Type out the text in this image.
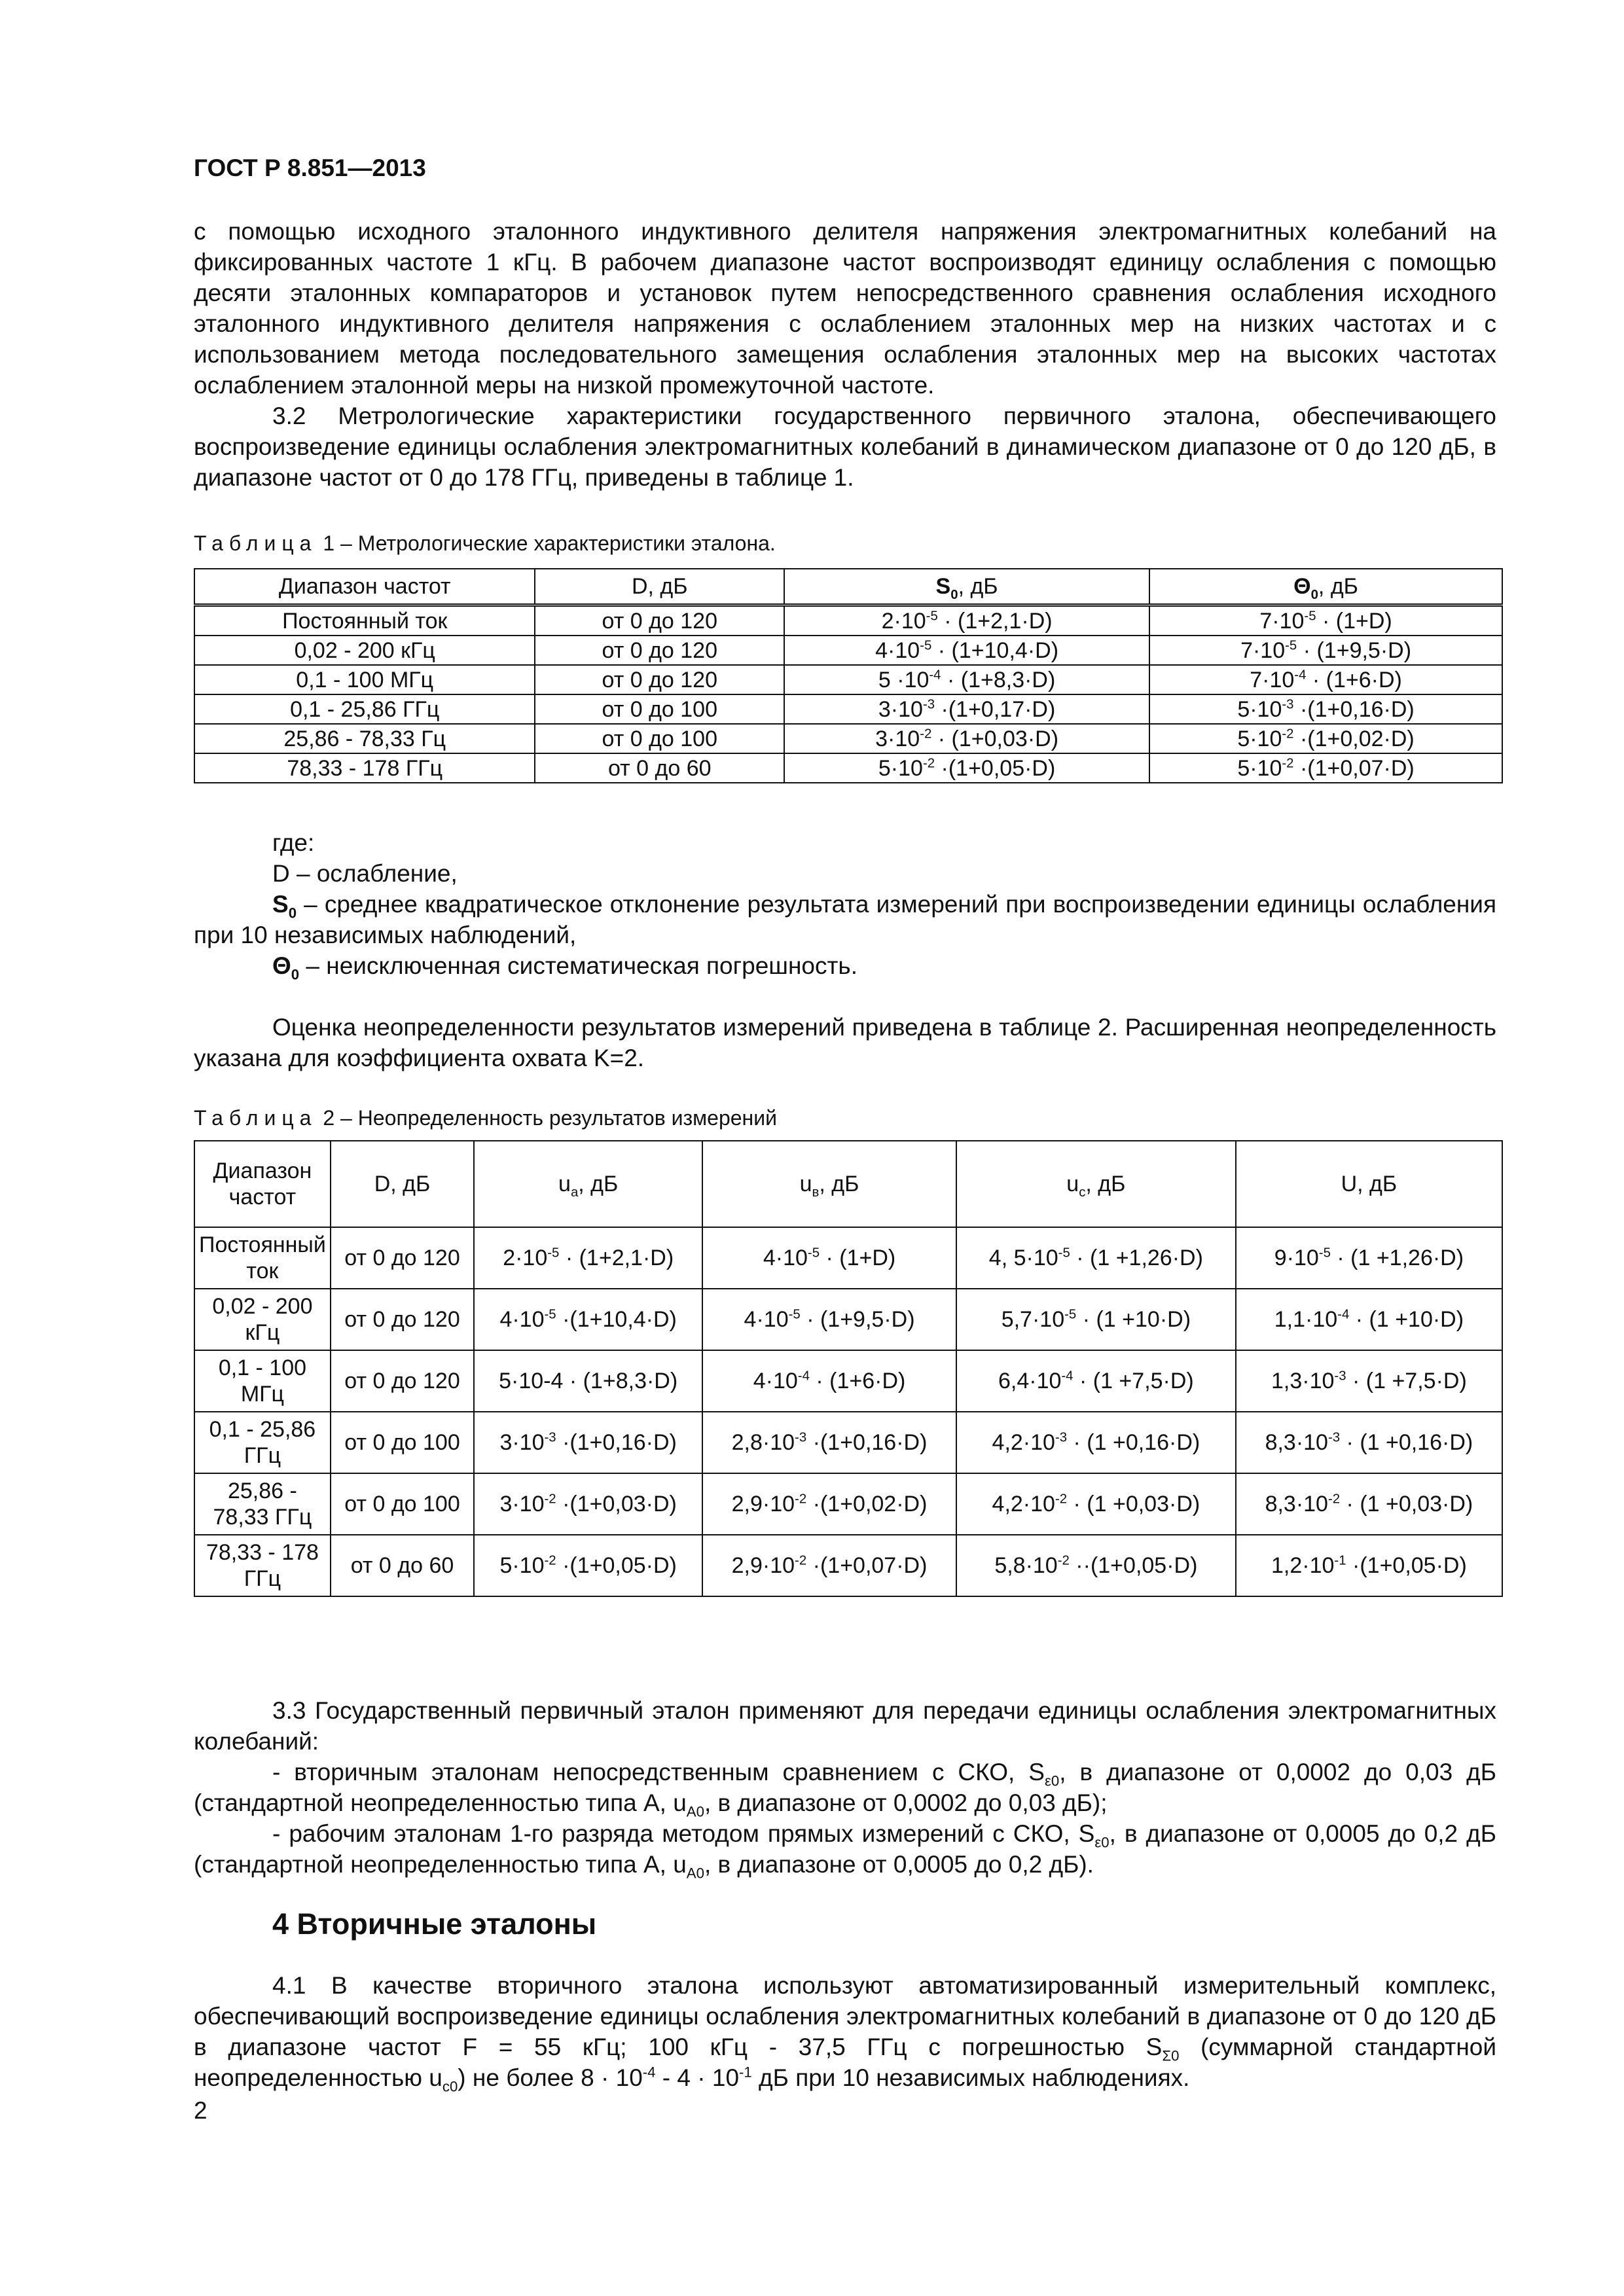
ГОСТ Р 8.851—2013

с помощью исходного эталонного индуктивного делителя напряжения электромагнитных колебаний на фиксированных частоте 1 кГц. В рабочем диапазоне частот воспроизводят единицу ослабления с помощью десяти эталонных компараторов и установок путем непосредственного сравнения ослабления исходного эталонного индуктивного делителя напряжения с ослаблением эталонных мер на низких частотах и с использованием метода последовательного замещения ослабления эталонных мер на высоких частотах ослаблением эталонной меры на низкой промежуточной частоте.

3.2 Метрологические характеристики государственного первичного эталона, обеспечивающего воспроизведение единицы ослабления электромагнитных колебаний в динамическом диапазоне от 0 до 120 дБ, в диапазоне частот от 0 до 178 ГГц, приведены в таблице 1.

Таблица 1 – Метрологические характеристики эталона.
Диапазон частот	D, дБ	$S_0$, дБ	$\Theta_0$, дБ
Постоянный ток	от 0 до 120	$2\cdot 10^{-5} \cdot (1+2,1\cdot D)$	$7\cdot 10^{-5} \cdot (1+D)$
0,02 - 200 кГц	от 0 до 120	$4\cdot 10^{-5} \cdot (1+10,4\cdot D)$	$7\cdot 10^{-5} \cdot (1+9,5\cdot D)$
0,1 - 100 МГц	от 0 до 120	$5 \cdot 10^{-4} \cdot (1+8,3\cdot D)$	$7\cdot 10^{-4} \cdot (1+6\cdot D)$
0,1 - 25,86 ГГц	от 0 до 100	$3\cdot 10^{-3} \cdot(1+0,17\cdot D)$	$5\cdot 10^{-3} \cdot(1+0,16\cdot D)$
25,86 - 78,33 Гц	от 0 до 100	$3\cdot 10^{-2} \cdot (1+0,03\cdot D)$	$5\cdot 10^{-2} \cdot(1+0,02\cdot D)$
78,33 - 178 ГГц	от 0 до 60	$5\cdot 10^{-2} \cdot(1+0,05\cdot D)$	$5\cdot 10^{-2} \cdot(1+0,07\cdot D)$

где:

D – ослабление,

$S_0$ – среднее квадратическое отклонение результата измерений при воспроизведении единицы ослабления при 10 независимых наблюдений,

$\Theta_0$ – неисключенная систематическая погрешность.

Оценка неопределенности результатов измерений приведена в таблице 2. Расширенная неопределенность указана для коэффициента охвата K=2.

Таблица 2 – Неопределенность результатов измерений
Диапазон частот	D, дБ	$u_a$, дБ	$u_в$, дБ	$u_c$, дБ	U, дБ
Постоянный ток	от 0 до 120	$2\cdot 10^{-5} \cdot (1+2,1\cdot D)$	$4\cdot 10^{-5} \cdot (1+D)$	4, $5\cdot 10^{-5} \cdot (1 +1,26\cdot D)$	$9\cdot 10^{-5} \cdot (1 +1,26\cdot D)$
0,02 - 200 кГц	от 0 до 120	$4\cdot 10^{-5} \cdot(1+10,4\cdot D)$	$4\cdot 10^{-5} \cdot (1+9,5\cdot D)$	$5,7\cdot 10^{-5} \cdot (1 +10\cdot D)$	$1,1\cdot 10^{-4} \cdot (1 +10\cdot D)$
0,1 - 100 МГц	от 0 до 120	5·10-4 · (1+8,3·D)	$4\cdot 10^{-4} \cdot (1+6\cdot D)$	$6,4\cdot 10^{-4} \cdot (1 +7,5\cdot D)$	$1,3\cdot 10^{-3} \cdot (1 +7,5\cdot D)$
0,1 - 25,86 ГГц	от 0 до 100	$3\cdot 10^{-3} \cdot(1+0,16\cdot D)$	$2,8\cdot 10^{-3} \cdot(1+0,16\cdot D)$	$4,2\cdot 10^{-3} \cdot (1 +0,16\cdot D)$	$8,3\cdot 10^{-3} \cdot (1 +0,16\cdot D)$
25,86 - 78,33 ГГц	от 0 до 100	$3\cdot 10^{-2} \cdot(1+0,03\cdot D)$	$2,9\cdot 10^{-2} \cdot(1+0,02\cdot D)$	$4,2\cdot 10^{-2} \cdot (1 +0,03\cdot D)$	$8,3\cdot 10^{-2} \cdot (1 +0,03\cdot D)$
78,33 - 178 ГГц	от 0 до 60	$5\cdot 10^{-2} \cdot(1+0,05\cdot D)$	$2,9\cdot 10^{-2} \cdot(1+0,07\cdot D)$	$5,8\cdot 10^{-2} \cdot\cdot(1+0,05\cdot D)$	$1,2\cdot 10^{-1} \cdot(1+0,05\cdot D)$

3.3 Государственный первичный эталон применяют для передачи единицы ослабления электромагнитных колебаний:

- вторичным эталонам непосредственным сравнением с СКО, $S_{\varepsilon 0}$, в диапазоне от 0,0002 до 0,03 дБ (стандартной неопределенностью типа А, $u_{A0}$, в диапазоне от 0,0002 до 0,03 дБ);

- рабочим эталонам 1-го разряда методом прямых измерений с СКО, $S_{\varepsilon 0}$, в диапазоне от 0,0005 до 0,2 дБ (стандартной неопределенностью типа А, $u_{A0}$, в диапазоне от 0,0005 до 0,2 дБ).

4 Вторичные эталоны

4.1 В качестве вторичного эталона используют автоматизированный измерительный комплекс, обеспечивающий воспроизведение единицы ослабления электромагнитных колебаний в диапазоне от 0 до 120 дБ в диапазоне частот F = 55 кГц; 100 кГц - 37,5 ГГц с погрешностью $S_{\Sigma 0}$ (суммарной стандартной неопределенностью $u_{c0}$) не более $8 \cdot 10^{-4} - 4 \cdot 10^{-1}$ дБ при 10 независимых наблюдениях.

2
